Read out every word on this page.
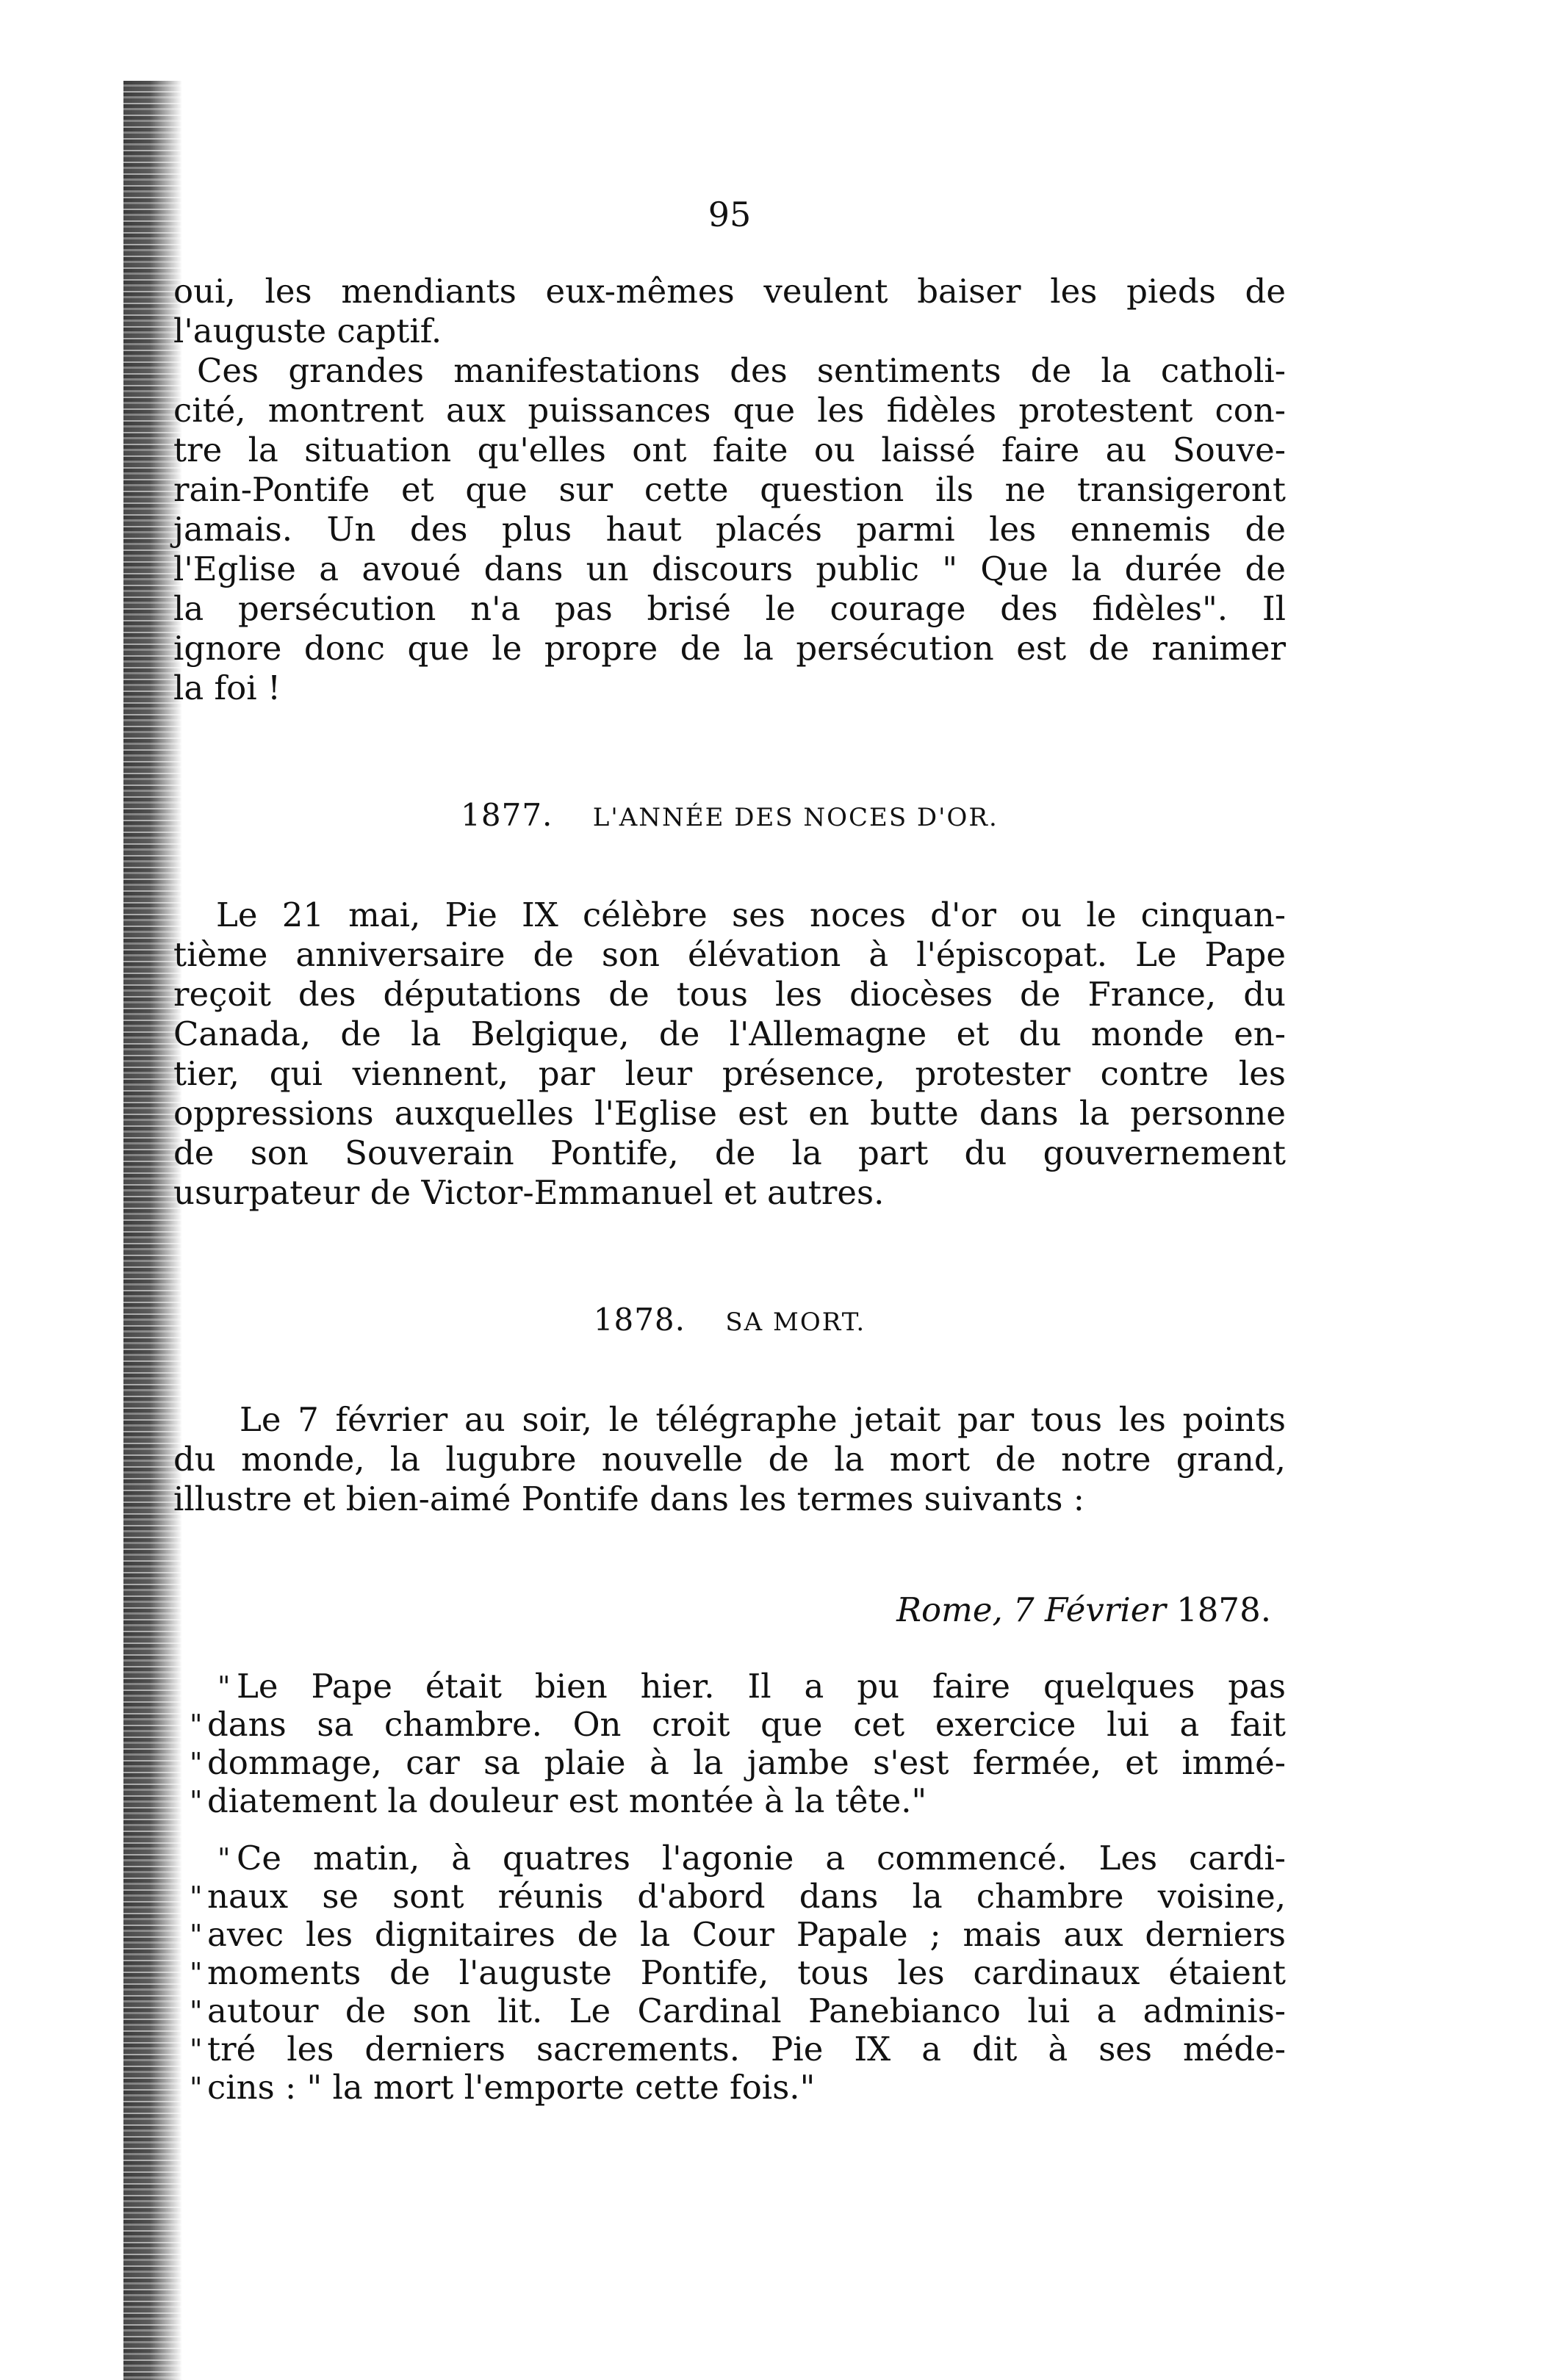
95

oui, les mendiants eux-mêmes veulent baiser les pieds de
l'auguste captif.

Ces grandes manifestations des sentiments de la catholi-
cité, montrent aux puissances que les fidèles protestent con-
tre la situation qu'elles ont faite ou laissé faire au Souve-
rain-Pontife et que sur cette question ils ne transigeront
jamais. Un des plus haut placés parmi les ennemis de
l'Eglise a avoué dans un discours public " Que la durée de
la persécution n'a pas brisé le courage des fidèles". Il
ignore donc que le propre de la persécution est de ranimer
la foi !

1877. L'ANNÉE DES NOCES D'OR.

Le 21 mai, Pie IX célèbre ses noces d'or ou le cinquan-
tième anniversaire de son élévation à l'épiscopat. Le Pape
reçoit des députations de tous les diocèses de France, du
Canada, de la Belgique, de l'Allemagne et du monde en-
tier, qui viennent, par leur présence, protester contre les
oppressions auxquelles l'Eglise est en butte dans la personne
de son Souverain Pontife, de la part du gouvernement
usurpateur de Victor-Emmanuel et autres.

1878. SA MORT.

Le 7 février au soir, le télégraphe jetait par tous les points
du monde, la lugubre nouvelle de la mort de notre grand,
illustre et bien-aimé Pontife dans les termes suivants :

Rome, 7 Février 1878.

" Le Pape était bien hier. Il a pu faire quelques pas
" dans sa chambre. On croit que cet exercice lui a fait
" dommage, car sa plaie à la jambe s'est fermée, et immé-
" diatement la douleur est montée à la tête."

" Ce matin, à quatres l'agonie a commencé. Les cardi-
" naux se sont réunis d'abord dans la chambre voisine,
" avec les dignitaires de la Cour Papale ; mais aux derniers
" moments de l'auguste Pontife, tous les cardinaux étaient
" autour de son lit. Le Cardinal Panebianco lui a adminis-
" tré les derniers sacrements. Pie IX a dit à ses méde-
" cins : " la mort l'emporte cette fois."
